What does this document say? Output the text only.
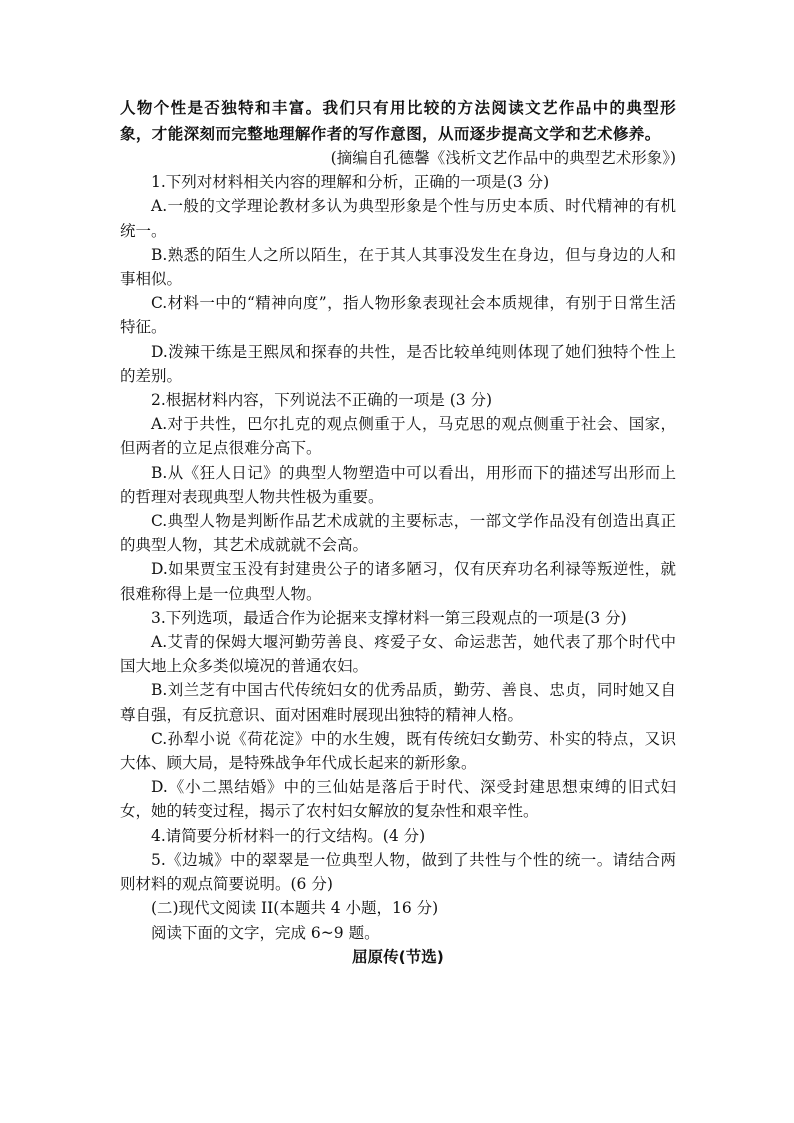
人物个性是否独特和丰富。我们只有用比较的方法阅读文艺作品中的典型形象，才能深刻而完整地理解作者的写作意图，从而逐步提高文学和艺术修养。

(摘编自孔德馨《浅析文艺作品中的典型艺术形象》)

1.下列对材料相关内容的理解和分析，正确的一项是(3 分)

A.一般的文学理论教材多认为典型形象是个性与历史本质、时代精神的有机统一。

B.熟悉的陌生人之所以陌生，在于其人其事没发生在身边，但与身边的人和事相似。

C.材料一中的“精神向度”，指人物形象表现社会本质规律，有别于日常生活特征。

D.泼辣干练是王熙凤和探春的共性，是否比较单纯则体现了她们独特个性上的差别。

2.根据材料内容，下列说法不正确的一项是 (3 分)

A.对于共性，巴尔扎克的观点侧重于人，马克思的观点侧重于社会、国家，但两者的立足点很难分高下。

B.从《狂人日记》的典型人物塑造中可以看出，用形而下的描述写出形而上的哲理对表现典型人物共性极为重要。

C.典型人物是判断作品艺术成就的主要标志，一部文学作品没有创造出真正的典型人物，其艺术成就就不会高。

D.如果贾宝玉没有封建贵公子的诸多陋习，仅有厌弃功名利禄等叛逆性，就很难称得上是一位典型人物。

3.下列选项，最适合作为论据来支撑材料一第三段观点的一项是(3 分)

A.艾青的保姆大堰河勤劳善良、疼爱子女、命运悲苦，她代表了那个时代中国大地上众多类似境况的普通农妇。

B.刘兰芝有中国古代传统妇女的优秀品质，勤劳、善良、忠贞，同时她又自尊自强，有反抗意识、面对困难时展现出独特的精神人格。

C.孙犁小说《荷花淀》中的水生嫂，既有传统妇女勤劳、朴实的特点，又识大体、顾大局，是特殊战争年代成长起来的新形象。

D.《小二黑结婚》中的三仙姑是落后于时代、深受封建思想束缚的旧式妇女，她的转变过程，揭示了农村妇女解放的复杂性和艰辛性。

4.请简要分析材料一的行文结构。(4 分)

5.《边城》中的翠翠是一位典型人物，做到了共性与个性的统一。请结合两则材料的观点简要说明。(6 分)

(二)现代文阅读 II(本题共 4 小题，16 分)

阅读下面的文字，完成 6~9 题。

屈原传(节选)
